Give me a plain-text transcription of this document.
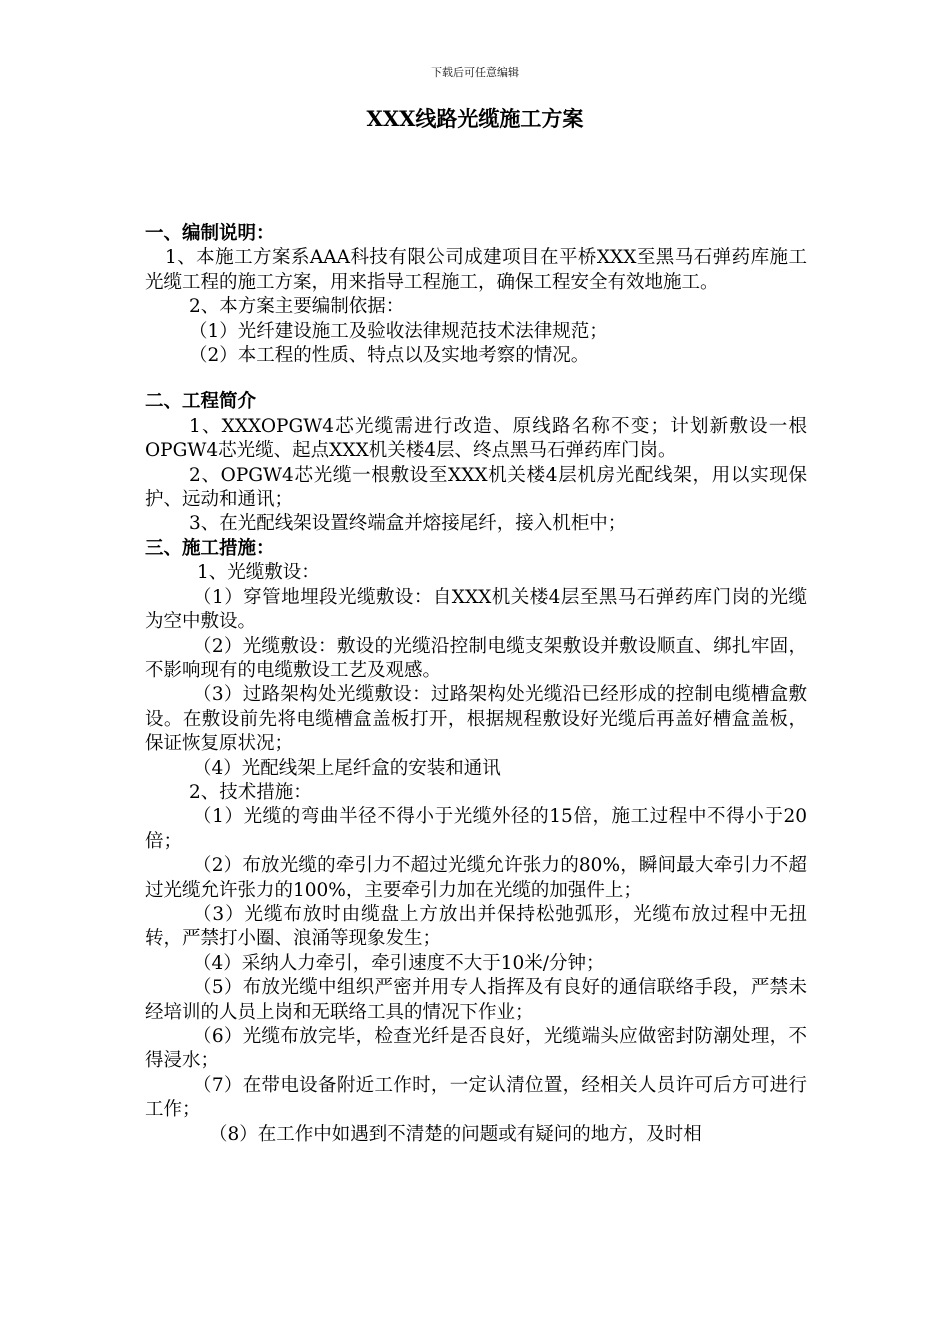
下载后可任意编辑
XXX线路光缆施工方案

一、编制说明：

1、本施工方案系AAA科技有限公司成建项目在平桥XXX至黑马石弹药库施工光缆工程的施工方案，用来指导工程施工，确保工程安全有效地施工。

2、本方案主要编制依据：

（1）光纤建设施工及验收法律规范技术法律规范；

（2）本工程的性质、特点以及实地考察的情况。

二、工程简介

1、XXXOPGW4芯光缆需进行改造、原线路名称不变；计划新敷设一根OPGW4芯光缆、起点XXX机关楼4层、终点黑马石弹药库门岗。

2、OPGW4芯光缆一根敷设至XXX机关楼4层机房光配线架，用以实现保护、远动和通讯；

3、在光配线架设置终端盒并熔接尾纤，接入机柜中；

三、施工措施：

1、光缆敷设：

（1）穿管地埋段光缆敷设：自XXX机关楼4层至黑马石弹药库门岗的光缆为空中敷设。

（2）光缆敷设：敷设的光缆沿控制电缆支架敷设并敷设顺直、绑扎牢固，不影响现有的电缆敷设工艺及观感。

（3）过路架构处光缆敷设：过路架构处光缆沿已经形成的控制电缆槽盒敷设。在敷设前先将电缆槽盒盖板打开，根据规程敷设好光缆后再盖好槽盒盖板，保证恢复原状况；

（4）光配线架上尾纤盒的安装和通讯

2、技术措施：

（1）光缆的弯曲半径不得小于光缆外径的15倍，施工过程中不得小于20倍；

（2）布放光缆的牵引力不超过光缆允许张力的80%，瞬间最大牵引力不超过光缆允许张力的100%，主要牵引力加在光缆的加强件上；

（3）光缆布放时由缆盘上方放出并保持松弛弧形，光缆布放过程中无扭转，严禁打小圈、浪涌等现象发生；

（4）采纳人力牵引，牵引速度不大于10米/分钟；

（5）布放光缆中组织严密并用专人指挥及有良好的通信联络手段，严禁未经培训的人员上岗和无联络工具的情况下作业；

（6）光缆布放完毕，检查光纤是否良好，光缆端头应做密封防潮处理，不得浸水；

（7）在带电设备附近工作时，一定认清位置，经相关人员许可后方可进行工作；

（8）在工作中如遇到不清楚的问题或有疑问的地方，及时相
